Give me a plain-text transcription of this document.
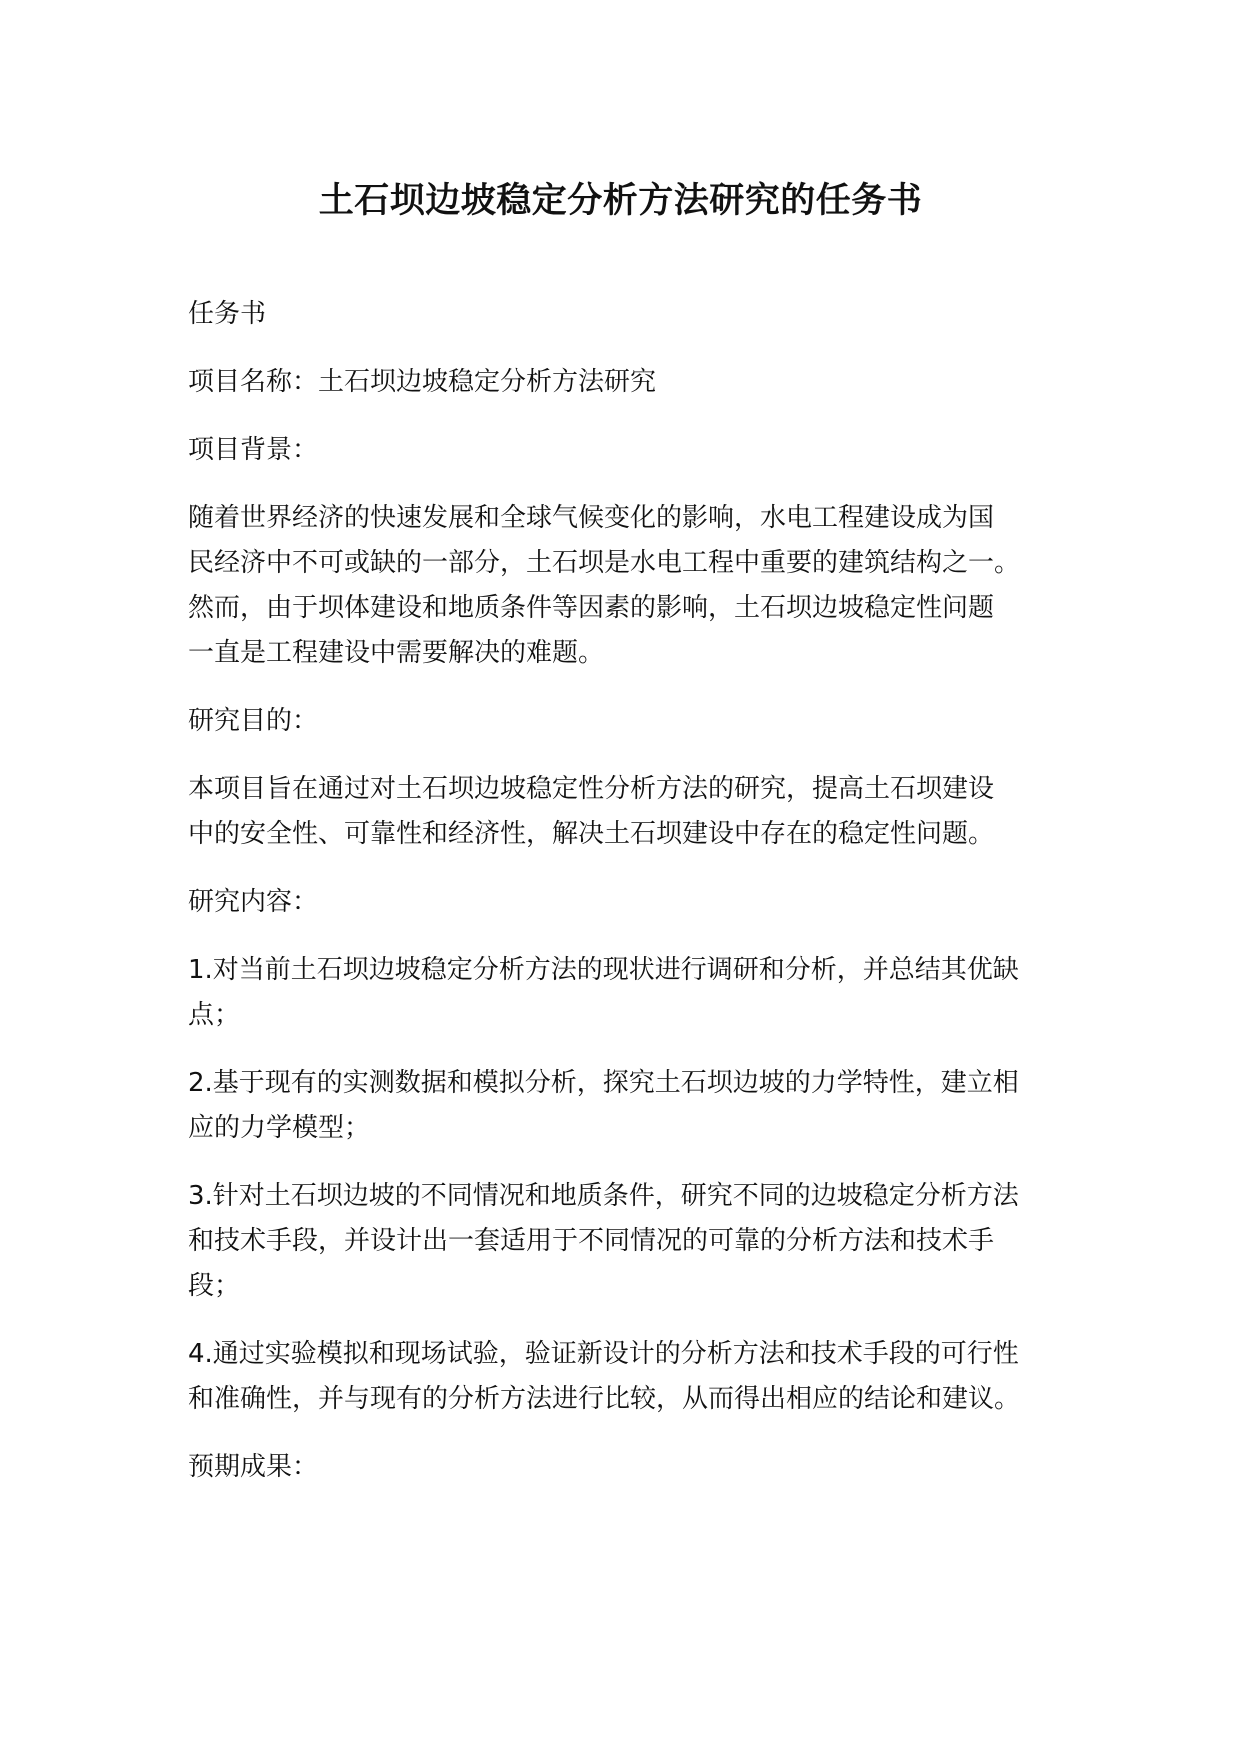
土石坝边坡稳定分析方法研究的任务书

任务书

项目名称：土石坝边坡稳定分析方法研究

项目背景：

随着世界经济的快速发展和全球气候变化的影响，水电工程建设成为国
民经济中不可或缺的一部分，土石坝是水电工程中重要的建筑结构之一。
然而，由于坝体建设和地质条件等因素的影响，土石坝边坡稳定性问题
一直是工程建设中需要解决的难题。

研究目的：

本项目旨在通过对土石坝边坡稳定性分析方法的研究，提高土石坝建设
中的安全性、可靠性和经济性，解决土石坝建设中存在的稳定性问题。

研究内容：

1.对当前土石坝边坡稳定分析方法的现状进行调研和分析，并总结其优缺
点；

2.基于现有的实测数据和模拟分析，探究土石坝边坡的力学特性，建立相
应的力学模型；

3.针对土石坝边坡的不同情况和地质条件，研究不同的边坡稳定分析方法
和技术手段，并设计出一套适用于不同情况的可靠的分析方法和技术手
段；

4.通过实验模拟和现场试验，验证新设计的分析方法和技术手段的可行性
和准确性，并与现有的分析方法进行比较，从而得出相应的结论和建议。

预期成果：
